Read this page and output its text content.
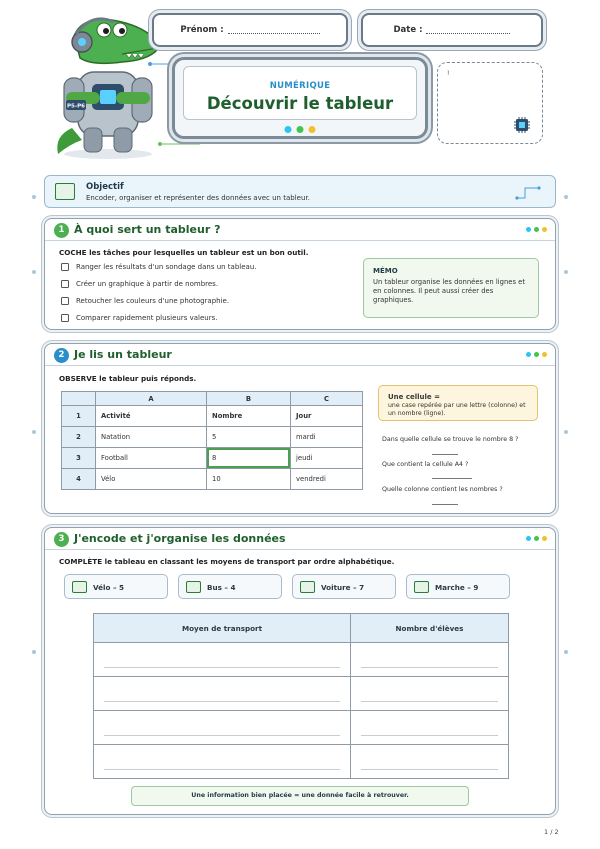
P5-P6
Prénom :	Date :
NUMÉRIQUE
Découvrir le tableur
!
Objectif
Encoder, organiser et représenter des données avec un tableur.
1 À quoi sert un tableur ?
COCHE les tâches pour lesquelles un tableur est un bon outil.
Ranger les résultats d'un sondage dans un tableau.
Créer un graphique à partir de nombres.
Retoucher les couleurs d'une photographie.
Comparer rapidement plusieurs valeurs.
MÉMO
Un tableur organise les données en lignes et en colonnes. Il peut aussi créer des graphiques.
2 Je lis un tableur
OBSERVE le tableur puis réponds.
	A	B	C
1	Activité	Nombre	Jour
2	Natation	5	mardi
3	Football	8	jeudi
4	Vélo	10	vendredi
Une cellule =
une case repérée par une lettre (colonne) et un nombre (ligne).
Dans quelle cellule se trouve le nombre 8 ?
Que contient la cellule A4 ?
Quelle colonne contient les nombres ?
3 J'encode et j'organise les données
COMPLÈTE le tableau en classant les moyens de transport par ordre alphabétique.
Vélo – 5	Bus – 4	Voiture – 7	Marche – 9
Moyen de transport	Nombre d'élèves

Une information bien placée = une donnée facile à retrouver.
1 / 2
